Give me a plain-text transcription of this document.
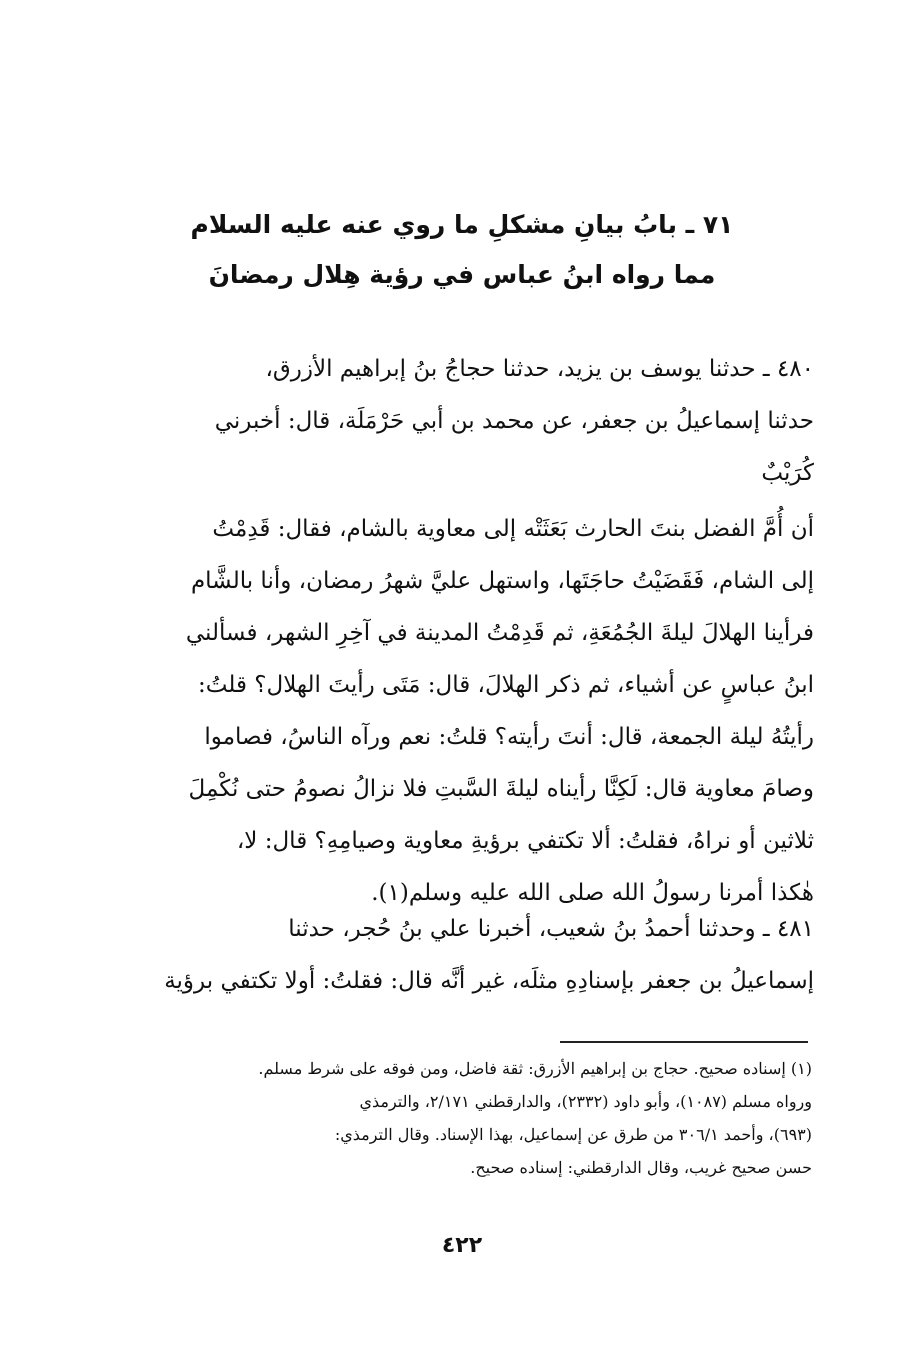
٧١ ـ بابُ بيانِ مشكلِ ما روي عنه عليه السلام
مما رواه ابنُ عباس في رؤية هِلال رمضانَ

٤٨٠ ـ حدثنا يوسف بن يزيد، حدثنا حجاجُ بنُ إبراهيم الأزرق،
حدثنا إسماعيلُ بن جعفر، عن محمد بن أبي حَرْمَلَة، قال: أخبرني
كُرَيْبٌ

أن أُمَّ الفضل بنتَ الحارث بَعَثَتْه إلى معاوية بالشام، فقال: قَدِمْتُ
إلى الشام، فَقَضَيْتُ حاجَتَها، واستهل عليَّ شهرُ رمضان، وأنا بالشَّام
فرأينا الهلالَ ليلةَ الجُمُعَةِ، ثم قَدِمْتُ المدينة في آخِرِ الشهر، فسألني
ابنُ عباسٍ عن أشياء، ثم ذكر الهلالَ، قال: مَتَى رأيتَ الهلال؟ قلتُ:
رأيتُهُ ليلة الجمعة، قال: أنتَ رأيته؟ قلتُ: نعم ورآه الناسُ، فصاموا
وصامَ معاوية قال: لَكِنَّا رأيناه ليلةَ السَّبتِ فلا نزالُ نصومُ حتى نُكْمِلَ
ثلاثين أو نراهُ، فقلتُ: ألا تكتفي برؤيةِ معاوية وصيامِهِ؟ قال: لا،
هٰكذا أمرنا رسولُ الله صلى الله عليه وسلم(١).

٤٨١ ـ وحدثنا أحمدُ بنُ شعيب، أخبرنا علي بنُ حُجر، حدثنا
إسماعيلُ بن جعفر بإسنادِهِ مثلَه، غير أنَّه قال: فقلتُ: أولا تكتفي برؤية

(١) إسناده صحيح. حجاج بن إبراهيم الأزرق: ثقة فاضل، ومن فوقه على شرط مسلم.
ورواه مسلم (١٠٨٧)، وأبو داود (٢٣٣٢)، والدارقطني ٢/١٧١، والترمذي
(٦٩٣)، وأحمد ٣٠٦/١ من طرق عن إسماعيل، بهذا الإسناد. وقال الترمذي:
حسن صحيح غريب، وقال الدارقطني: إسناده صحيح.
٤٢٢
